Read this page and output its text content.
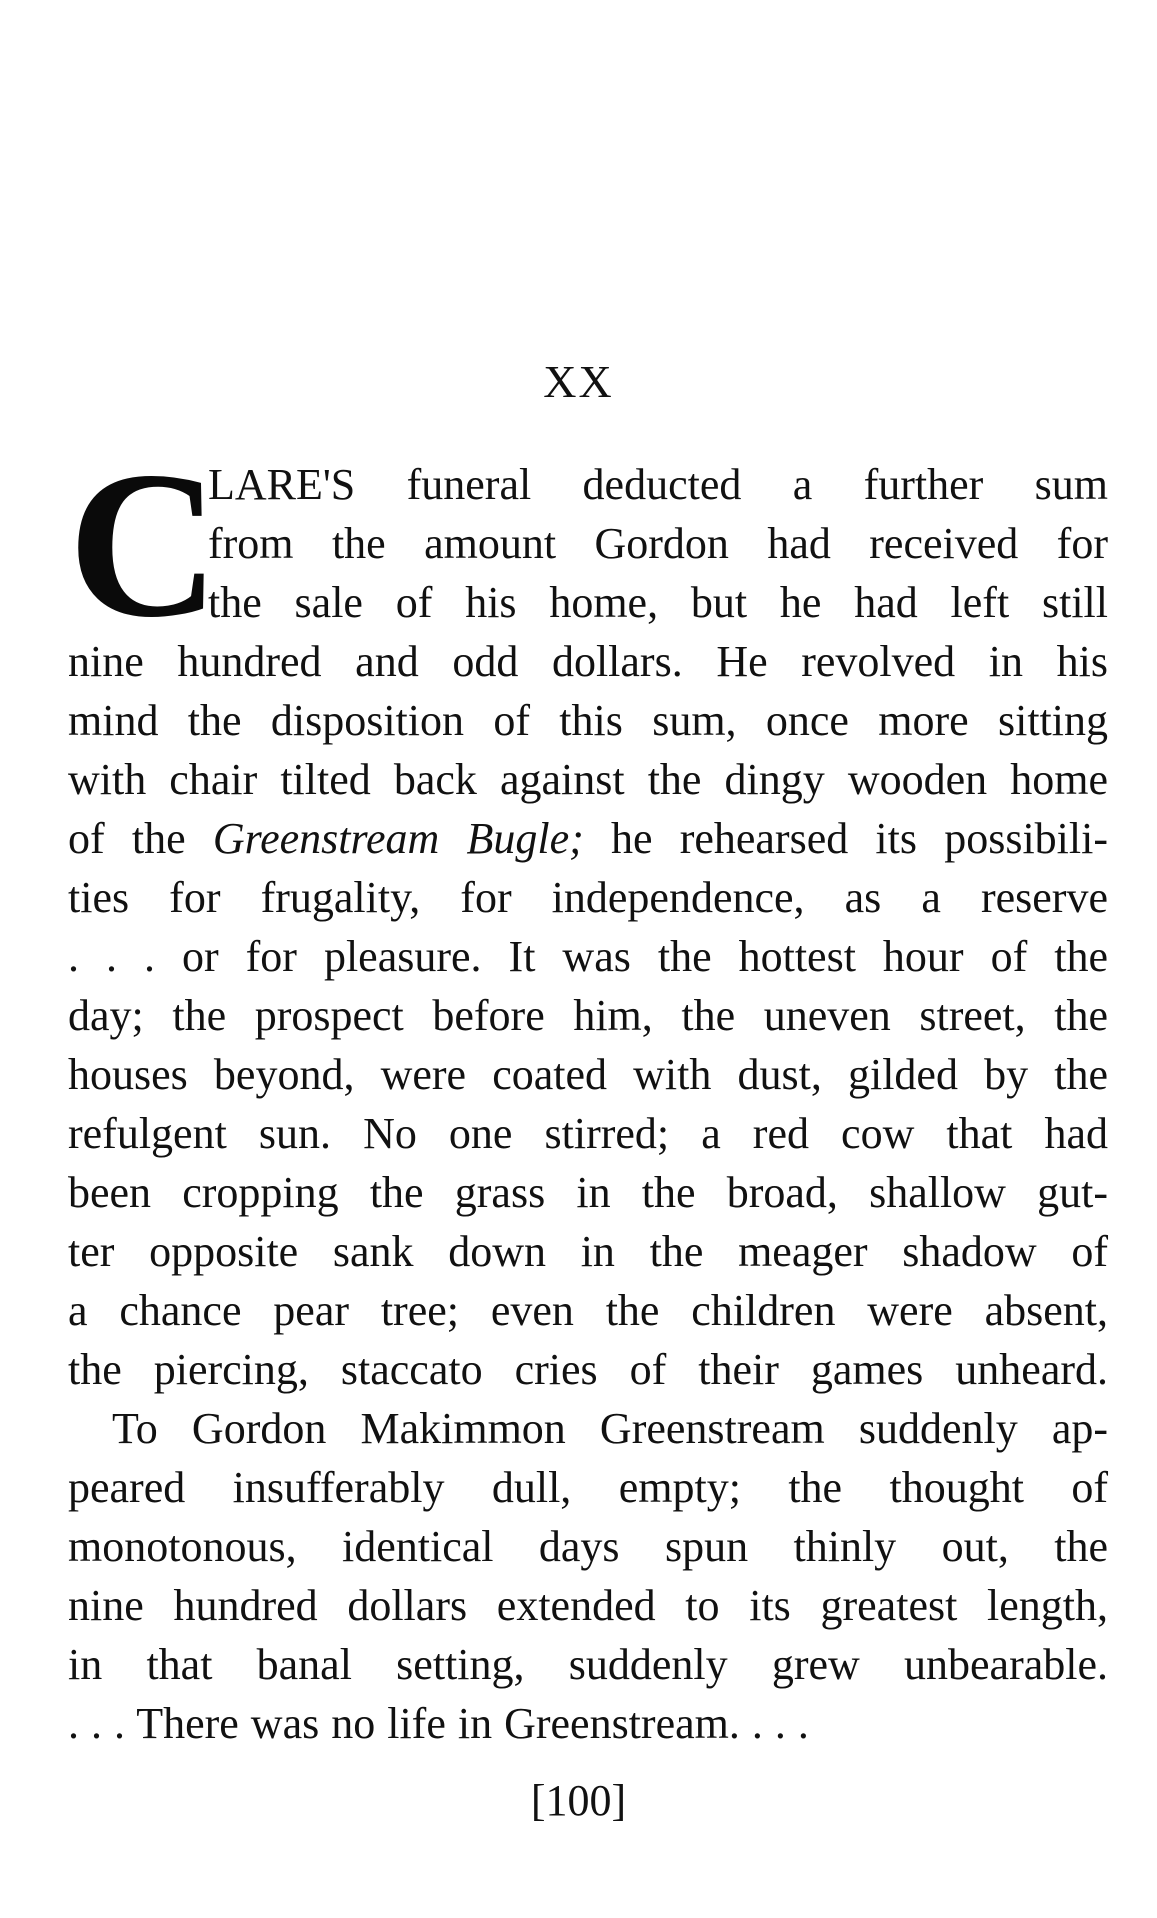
XX
C
LARE'S funeral deducted a further sum
from the amount Gordon had received for
the sale of his home, but he had left still
nine hundred and odd dollars. He revolved in his
mind the disposition of this sum, once more sitting
with chair tilted back against the dingy wooden home
of the Greenstream Bugle; he rehearsed its possibili-
ties for frugality, for independence, as a reserve
. . . or for pleasure. It was the hottest hour of the
day; the prospect before him, the uneven street, the
houses beyond, were coated with dust, gilded by the
refulgent sun. No one stirred; a red cow that had
been cropping the grass in the broad, shallow gut-
ter opposite sank down in the meager shadow of
a chance pear tree; even the children were absent,
the piercing, staccato cries of their games unheard.
To Gordon Makimmon Greenstream suddenly ap-
peared insufferably dull, empty; the thought of
monotonous, identical days spun thinly out, the
nine hundred dollars extended to its greatest length,
in that banal setting, suddenly grew unbearable.
. . . There was no life in Greenstream. . . .
[100]
